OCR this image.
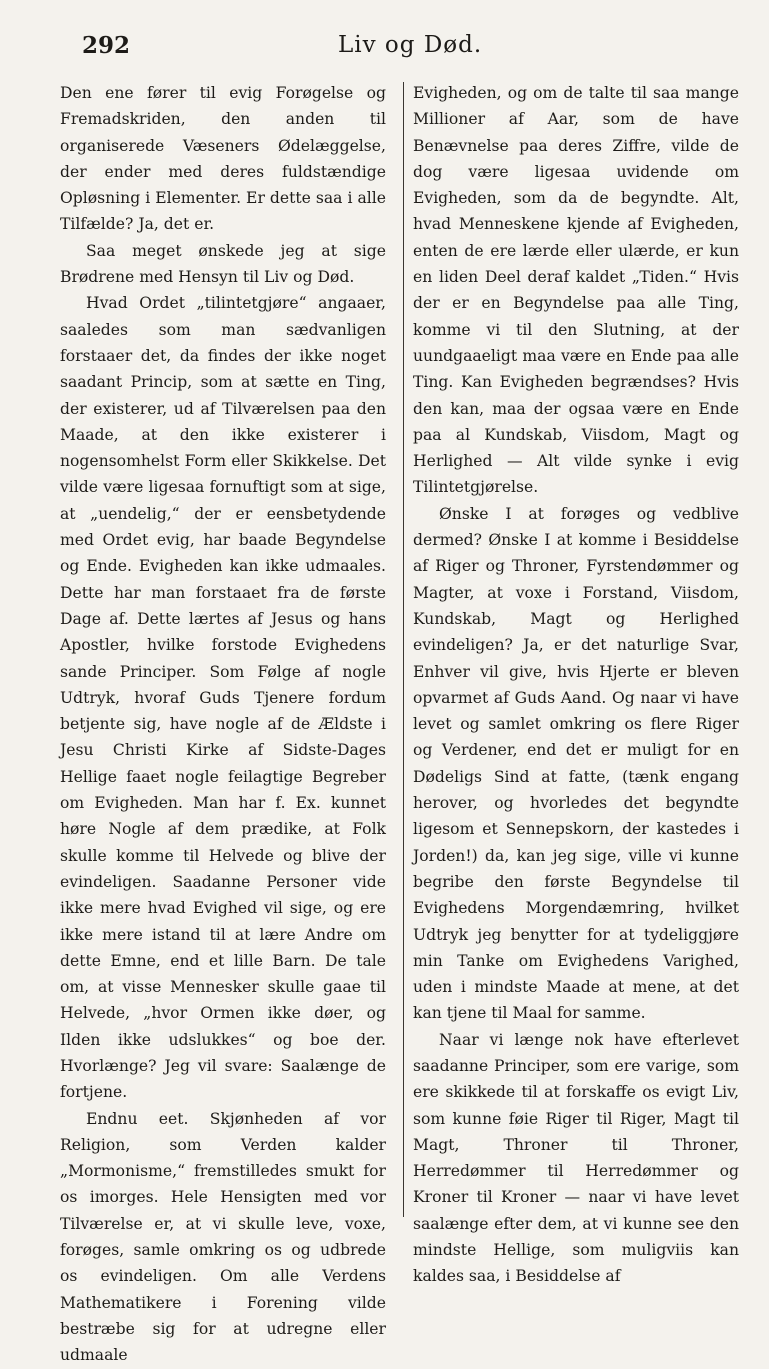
292	Liv og Død.

Den ene fører til evig Forøgelse og Fremadskriden, den anden til organiserede Væseners Ødelæggelse, der ender med deres fuldstændige Opløsning i Elementer. Er dette saa i alle Tilfælde? Ja, det er.

Saa meget ønskede jeg at sige Brødrene med Hensyn til Liv og Død.

Hvad Ordet „tilintetgjøre“ angaaer, saaledes som man sædvanligen forstaaer det, da findes der ikke noget saadant Princip, som at sætte en Ting, der existerer, ud af Tilværelsen paa den Maade, at den ikke existerer i nogensomhelst Form eller Skikkelse. Det vilde være ligesaa fornuftigt som at sige, at „uendelig,“ der er eensbetydende med Ordet evig, har baade Begyndelse og Ende. Evigheden kan ikke udmaales. Dette har man forstaaet fra de første Dage af. Dette lærtes af Jesus og hans Apostler, hvilke forstode Evighedens sande Principer. Som Følge af nogle Udtryk, hvoraf Guds Tjenere fordum betjente sig, have nogle af de Ældste i Jesu Christi Kirke af Sidste-Dages Hellige faaet nogle feilagtige Begreber om Evigheden. Man har f. Ex. kunnet høre Nogle af dem prædike, at Folk skulle komme til Helvede og blive der evindeligen. Saadanne Personer vide ikke mere hvad Evighed vil sige, og ere ikke mere istand til at lære Andre om dette Emne, end et lille Barn. De tale om, at visse Mennesker skulle gaae til Helvede, „hvor Ormen ikke døer, og Ilden ikke udslukkes“ og boe der. Hvorlænge? Jeg vil svare: Saalænge de fortjene.

Endnu eet. Skjønheden af vor Religion, som Verden kalder „Mormonisme,“ fremstilledes smukt for os imorges. Hele Hensigten med vor Tilværelse er, at vi skulle leve, voxe, forøges, samle omkring os og udbrede os evindeligen. Om alle Verdens Mathematikere i Forening vilde bestræbe sig for at udregne eller udmaale

Evigheden, og om de talte til saa mange Millioner af Aar, som de have Benævnelse paa deres Ziffre, vilde de dog være ligesaa uvidende om Evigheden, som da de begyndte. Alt, hvad Menneskene kjende af Evigheden, enten de ere lærde eller ulærde, er kun en liden Deel deraf kaldet „Tiden.“ Hvis der er en Begyndelse paa alle Ting, komme vi til den Slutning, at der uundgaaeligt maa være en Ende paa alle Ting. Kan Evigheden begrændses? Hvis den kan, maa der ogsaa være en Ende paa al Kundskab, Viisdom, Magt og Herlighed — Alt vilde synke i evig Tilintetgjørelse.

Ønske I at forøges og vedblive dermed? Ønske I at komme i Besiddelse af Riger og Throner, Fyrstendømmer og Magter, at voxe i Forstand, Viisdom, Kundskab, Magt og Herlighed evindeligen? Ja, er det naturlige Svar, Enhver vil give, hvis Hjerte er bleven opvarmet af Guds Aand. Og naar vi have levet og samlet omkring os flere Riger og Verdener, end det er muligt for en Dødeligs Sind at fatte, (tænk engang herover, og hvorledes det begyndte ligesom et Sennepskorn, der kastedes i Jorden!) da, kan jeg sige, ville vi kunne begribe den første Begyndelse til Evighedens Morgendæmring, hvilket Udtryk jeg benytter for at tydeliggjøre min Tanke om Evighedens Varighed, uden i mindste Maade at mene, at det kan tjene til Maal for samme.

Naar vi længe nok have efterlevet saadanne Principer, som ere varige, som ere skikkede til at forskaffe os evigt Liv, som kunne føie Riger til Riger, Magt til Magt, Throner til Throner, Herredømmer til Herredømmer og Kroner til Kroner — naar vi have levet saalænge efter dem, at vi kunne see den mindste Hellige, som muligviis kan kaldes saa, i Besiddelse af
